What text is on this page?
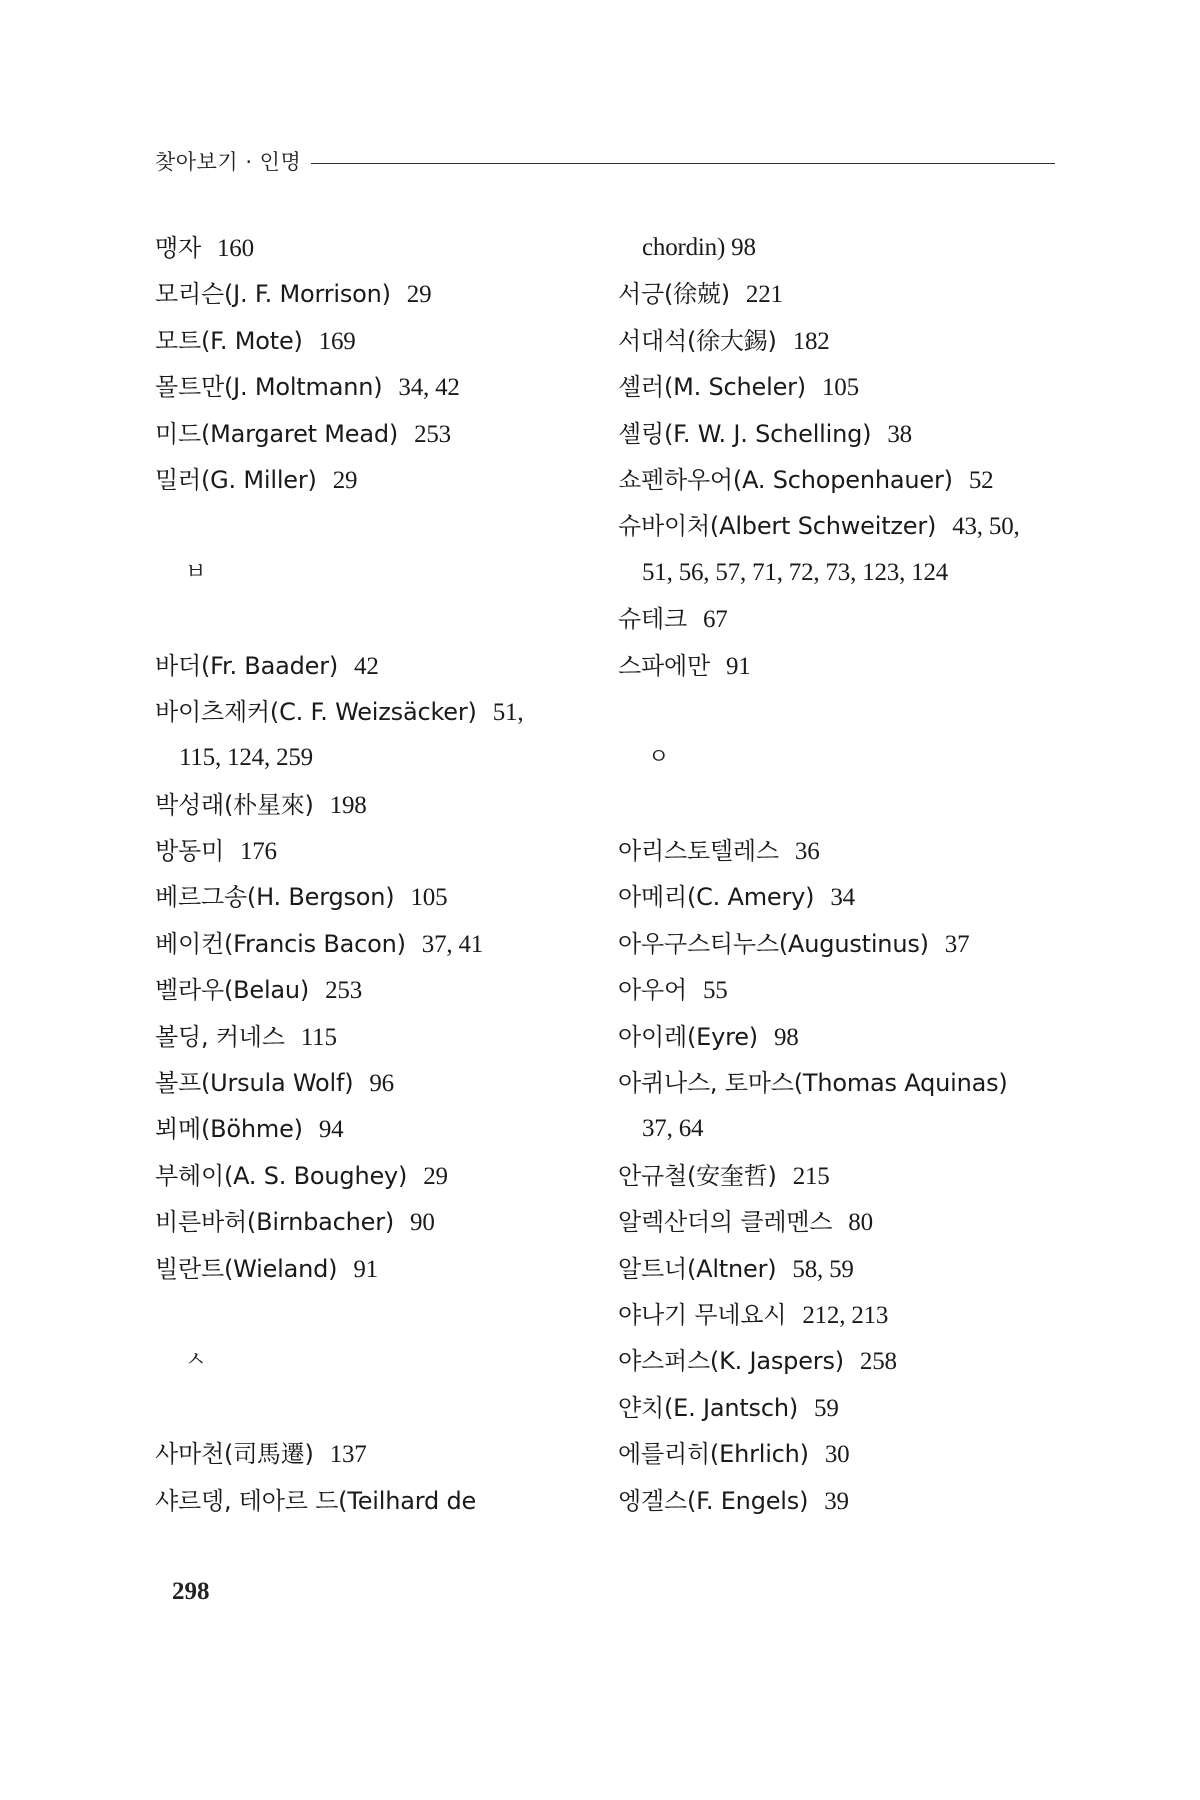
찾아보기 · 인명
맹자 160
모리슨(J. F. Morrison) 29
모트(F. Mote) 169
몰트만(J. Moltmann) 34, 42
미드(Margaret Mead) 253
밀러(G. Miller) 29
ㅂ
바더(Fr. Baader) 42
바이츠제커(C. F. Weizsäcker) 51,
115, 124, 259
박성래(朴星來) 198
방동미 176
베르그송(H. Bergson) 105
베이컨(Francis Bacon) 37, 41
벨라우(Belau) 253
볼딩, 커네스 115
볼프(Ursula Wolf) 96
뵈메(Böhme) 94
부헤이(A. S. Boughey) 29
비른바허(Birnbacher) 90
빌란트(Wieland) 91
ㅅ
사마천(司馬遷) 137
샤르뎅, 테아르 드(Teilhard de
chordin) 98
서긍(徐兢) 221
서대석(徐大錫) 182
셸러(M. Scheler) 105
셸링(F. W. J. Schelling) 38
쇼펜하우어(A. Schopenhauer) 52
슈바이처(Albert Schweitzer) 43, 50,
51, 56, 57, 71, 72, 73, 123, 124
슈테크 67
스파에만 91
ㅇ
아리스토텔레스 36
아메리(C. Amery) 34
아우구스티누스(Augustinus) 37
아우어 55
아이레(Eyre) 98
아퀴나스, 토마스(Thomas Aquinas)
37, 64
안규철(安奎哲) 215
알렉산더의 클레멘스 80
알트너(Altner) 58, 59
야나기 무네요시 212, 213
야스퍼스(K. Jaspers) 258
얀치(E. Jantsch) 59
에를리히(Ehrlich) 30
엥겔스(F. Engels) 39
298
